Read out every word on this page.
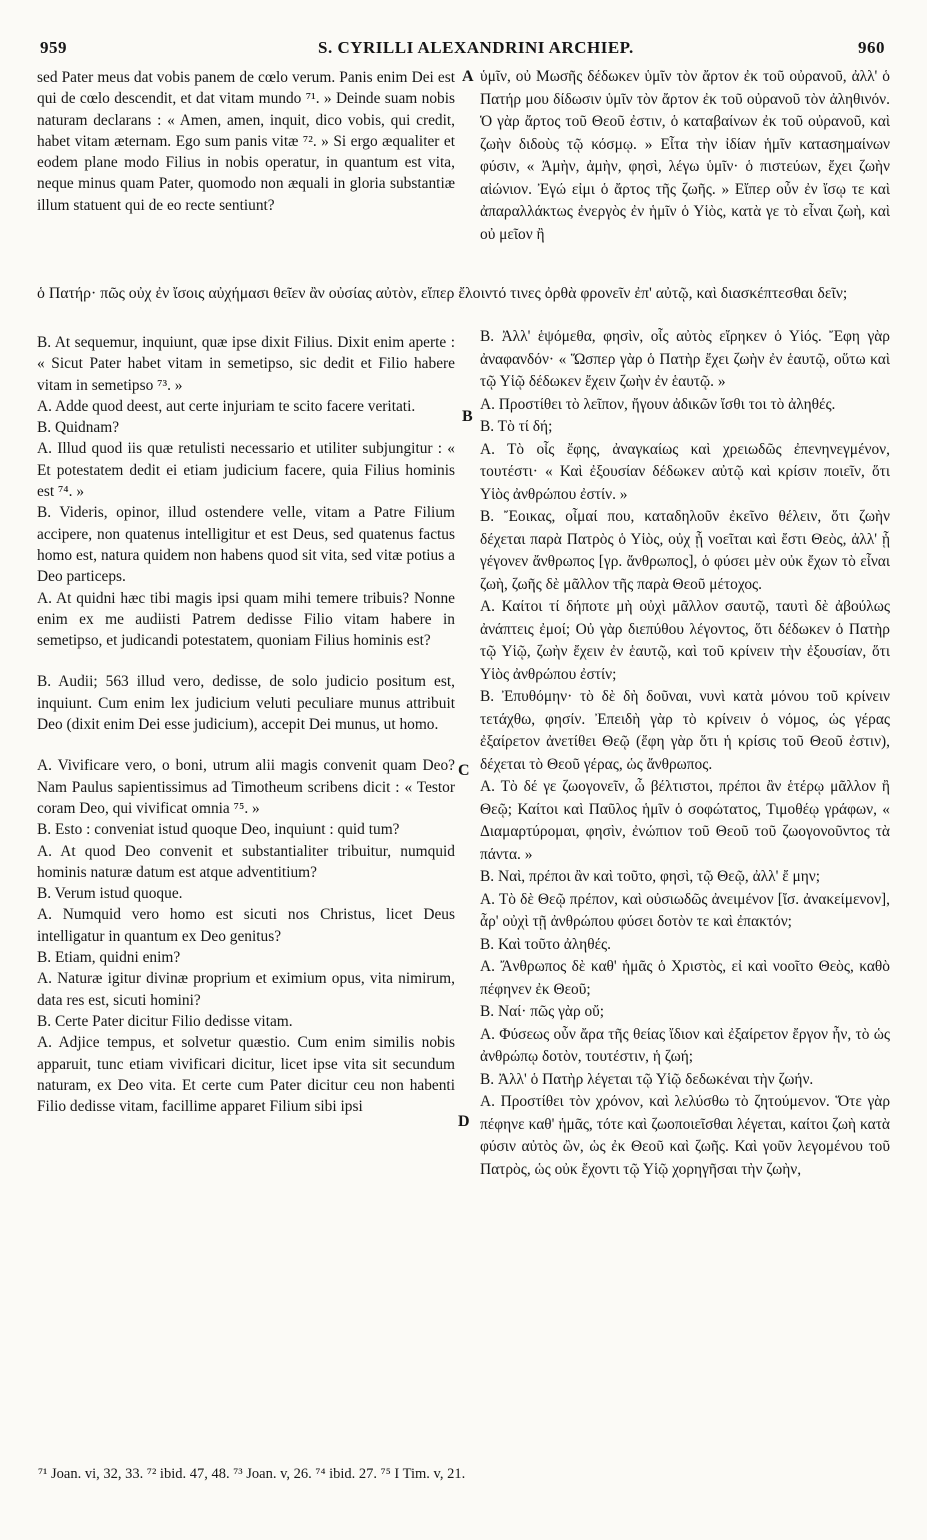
959	S. CYRILLI ALEXANDRINI ARCHIEP.	960
A
B
C
D

sed Pater meus dat vobis panem de cœlo verum. Panis enim Dei est qui de cœlo descendit, et dat vitam mundo ⁷¹. » Deinde suam nobis naturam declarans : « Amen, amen, inquit, dico vobis, qui credit, habet vitam æternam. Ego sum panis vitæ ⁷². » Si ergo æqualiter et eodem plane modo Filius in nobis operatur, in quantum est vita, neque minus quam Pater, quomodo non æquali in gloria substantiæ illum statuent qui de eo recte sentiunt?

ὑμῖν, οὐ Μωσῆς δέδωκεν ὑμῖν τὸν ἄρτον ἐκ τοῦ οὐρανοῦ, ἀλλ' ὁ Πατήρ μου δίδωσιν ὑμῖν τὸν ἄρτον ἐκ τοῦ οὐρανοῦ τὸν ἀληθινόν. Ὁ γὰρ ἄρτος τοῦ Θεοῦ ἐστιν, ὁ καταβαίνων ἐκ τοῦ οὐρανοῦ, καὶ ζωὴν διδοὺς τῷ κόσμῳ. » Εἶτα τὴν ἰδίαν ἡμῖν κατασημαίνων φύσιν, « Ἀμὴν, ἀμὴν, φησὶ, λέγω ὑμῖν· ὁ πιστεύων, ἔχει ζωὴν αἰώνιον. Ἐγώ εἰμι ὁ ἄρτος τῆς ζωῆς. » Εἴπερ οὖν ἐν ἴσῳ τε καὶ ἀπαραλλάκτως ἐνεργὸς ἐν ἡμῖν ὁ Υἱὸς, κατὰ γε τὸ εἶναι ζωὴ, καὶ οὐ μεῖον ἢ

ὁ Πατήρ· πῶς οὐχ ἐν ἴσοις αὐχήμασι θεῖεν ἂν οὐσίας αὐτὸν, εἴπερ ἔλοιντό τινες ὀρθὰ φρονεῖν ἐπ' αὐτῷ, καὶ διασκέπτεσθαι δεῖν;

B. At sequemur, inquiunt, quæ ipse dixit Filius. Dixit enim aperte : « Sicut Pater habet vitam in semetipso, sic dedit et Filio habere vitam in semetipso ⁷³. »

A. Adde quod deest, aut certe injuriam te scito facere veritati.

B. Quidnam?

A. Illud quod iis quæ retulisti necessario et utiliter subjungitur : « Et potestatem dedit ei etiam judicium facere, quia Filius hominis est ⁷⁴. »

B. Videris, opinor, illud ostendere velle, vitam a Patre Filium accipere, non quatenus intelligitur et est Deus, sed quatenus factus homo est, natura quidem non habens quod sit vita, sed vitæ potius a Deo particeps.

A. At quidni hæc tibi magis ipsi quam mihi temere tribuis? Nonne enim ex me audiisti Patrem dedisse Filio vitam habere in semetipso, et judicandi potestatem, quoniam Filius hominis est?

B. Audii; 563 illud vero, dedisse, de solo judicio positum est, inquiunt. Cum enim lex judicium veluti peculiare munus attribuit Deo (dixit enim Dei esse judicium), accepit Dei munus, ut homo.

A. Vivificare vero, o boni, utrum alii magis convenit quam Deo? Nam Paulus sapientissimus ad Timotheum scribens dicit : « Testor coram Deo, qui vivificat omnia ⁷⁵. »

B. Esto : conveniat istud quoque Deo, inquiunt : quid tum?

A. At quod Deo convenit et substantialiter tribuitur, numquid hominis naturæ datum est atque adventitium?

B. Verum istud quoque.

A. Numquid vero homo est sicuti nos Christus, licet Deus intelligatur in quantum ex Deo genitus?

B. Etiam, quidni enim?

A. Naturæ igitur divinæ proprium et eximium opus, vita nimirum, data res est, sicuti homini?

B. Certe Pater dicitur Filio dedisse vitam.

A. Adjice tempus, et solvetur quæstio. Cum enim similis nobis apparuit, tunc etiam vivificari dicitur, licet ipse vita sit secundum naturam, ex Deo vita. Et certe cum Pater dicitur ceu non habenti Filio dedisse vitam, facillime apparet Filium sibi ipsi

Β. Ἀλλ' ἑψόμεθα, φησὶν, οἷς αὐτὸς εἴρηκεν ὁ Υἱός. Ἔφη γὰρ ἀναφανδόν· « Ὥσπερ γὰρ ὁ Πατὴρ ἔχει ζωὴν ἐν ἑαυτῷ, οὕτω καὶ τῷ Υἱῷ δέδωκεν ἔχειν ζωὴν ἐν ἑαυτῷ. »

Α. Προστίθει τὸ λεῖπον, ἤγουν ἀδικῶν ἴσθι τοι τὸ ἀληθές.

Β. Τὸ τί δή;

Α. Τὸ οἷς ἔφης, ἀναγκαίως καὶ χρειωδῶς ἐπενηνεγμένον, τουτέστι· « Καὶ ἐξουσίαν δέδωκεν αὐτῷ καὶ κρίσιν ποιεῖν, ὅτι Υἱὸς ἀνθρώπου ἐστίν. »

Β. Ἔοικας, οἶμαί που, καταδηλοῦν ἐκεῖνο θέλειν, ὅτι ζωὴν δέχεται παρὰ Πατρὸς ὁ Υἱὸς, οὐχ ᾗ νοεῖται καὶ ἔστι Θεὸς, ἀλλ' ᾗ γέγονεν ἄνθρωπος [γρ. ἄνθρωπος], ὁ φύσει μὲν οὐκ ἔχων τὸ εἶναι ζωὴ, ζωῆς δὲ μᾶλλον τῆς παρὰ Θεοῦ μέτοχος.

Α. Καίτοι τί δήποτε μὴ οὐχὶ μᾶλλον σαυτῷ, ταυτὶ δὲ ἀβούλως ἀνάπτεις ἐμοί; Οὐ γὰρ διεπύθου λέγοντος, ὅτι δέδωκεν ὁ Πατὴρ τῷ Υἱῷ, ζωὴν ἔχειν ἐν ἑαυτῷ, καὶ τοῦ κρίνειν τὴν ἐξουσίαν, ὅτι Υἱὸς ἀνθρώπου ἐστίν;

Β. Ἐπυθόμην· τὸ δὲ δὴ δοῦναι, νυνὶ κατὰ μόνου τοῦ κρίνειν τετάχθω, φησίν. Ἐπειδὴ γὰρ τὸ κρίνειν ὁ νόμος, ὡς γέρας ἐξαίρετον ἀνετίθει Θεῷ (ἔφη γὰρ ὅτι ἡ κρίσις τοῦ Θεοῦ ἐστιν), δέχεται τὸ Θεοῦ γέρας, ὡς ἄνθρωπος.

Α. Τὸ δέ γε ζωογονεῖν, ὦ βέλτιστοι, πρέποι ἂν ἑτέρῳ μᾶλλον ἢ Θεῷ; Καίτοι καὶ Παῦλος ἡμῖν ὁ σοφώτατος, Τιμοθέῳ γράφων, « Διαμαρτύρομαι, φησὶν, ἐνώπιον τοῦ Θεοῦ τοῦ ζωογονοῦντος τὰ πάντα. »

Β. Ναὶ, πρέποι ἂν καὶ τοῦτο, φησὶ, τῷ Θεῷ, ἀλλ' ἔ μην;

Α. Τὸ δὲ Θεῷ πρέπον, καὶ οὐσιωδῶς ἀνειμένον [ἴσ. ἀνακείμενον], ἆρ' οὐχὶ τῇ ἀνθρώπου φύσει δοτὸν τε καὶ ἐπακτόν;

Β. Καὶ τοῦτο ἀληθές.

Α. Ἄνθρωπος δὲ καθ' ἡμᾶς ὁ Χριστὸς, εἰ καὶ νοοῖτο Θεὸς, καθὸ πέφηνεν ἐκ Θεοῦ;

Β. Ναί· πῶς γὰρ οὔ;

Α. Φύσεως οὖν ἄρα τῆς θείας ἴδιον καὶ ἐξαίρετον ἔργον ἦν, τὸ ὡς ἀνθρώπῳ δοτὸν, τουτέστιν, ἡ ζωή;

Β. Ἀλλ' ὁ Πατὴρ λέγεται τῷ Υἱῷ δεδωκέναι τὴν ζωήν.

Α. Προστίθει τὸν χρόνον, καὶ λελύσθω τὸ ζητούμενον. Ὅτε γὰρ πέφηνε καθ' ἡμᾶς, τότε καὶ ζωοποιεῖσθαι λέγεται, καίτοι ζωὴ κατὰ φύσιν αὐτὸς ὢν, ὡς ἐκ Θεοῦ καὶ ζωῆς. Καὶ γοῦν λεγομένου τοῦ Πατρὸς, ὡς οὐκ ἔχοντι τῷ Υἱῷ χορηγῆσαι τὴν ζωὴν,

⁷¹ Joan. vi, 32, 33. ⁷² ibid. 47, 48. ⁷³ Joan. v, 26. ⁷⁴ ibid. 27. ⁷⁵ I Tim. v, 21.
